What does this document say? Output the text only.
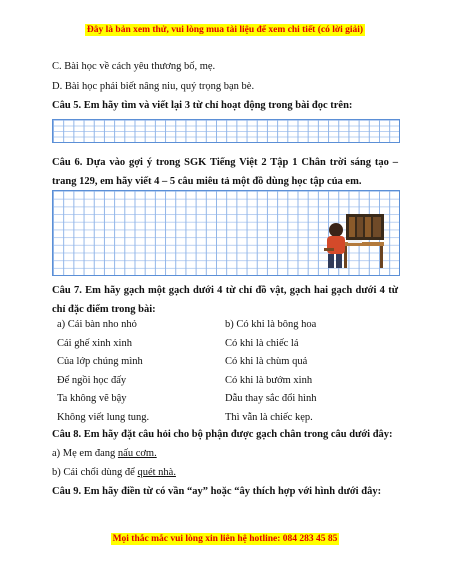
Đây là bản xem thử, vui lòng mua tài liệu để xem chi tiết (có lời giải)
C. Bài học về cách yêu thương bố, mẹ.
D. Bài học phải biết nâng niu, quý trọng bạn bè.
Câu 5. Em hãy tìm và viết lại 3 từ chỉ hoạt động trong bài đọc trên:
Câu 6. Dựa vào gợi ý trong SGK Tiếng Việt 2 Tập 1 Chân trời sáng tạo – trang 129, em hãy viết 4 – 5 câu miêu tả một đồ dùng học tập của em.
Câu 7. Em hãy gạch một gạch dưới 4 từ chỉ đồ vật, gạch hai gạch dưới 4 từ chỉ đặc điểm trong bài:
a) Cái bàn nho nhỏ
Cái ghế xinh xinh
Của lớp chúng mình
Để ngồi học đấy
Ta không vẽ bậy
Không viết lung tung.
b) Có khi là bông hoa
Có khi là chiếc lá
Có khi là chùm quả
Có khi là bướm xinh
Dẫu thay sắc đổi hình
Thì vẫn là chiếc kẹp.
Câu 8. Em hãy đặt câu hỏi cho bộ phận được gạch chân trong câu dưới đây:
a) Mẹ em đang nấu cơm.
b) Cái chổi dùng để quét nhà.
Câu 9. Em hãy điền từ có vần “ay” hoặc “ây thích hợp với hình dưới đây:
Mọi thắc mắc vui lòng xin liên hệ hotline: 084 283 45 85
